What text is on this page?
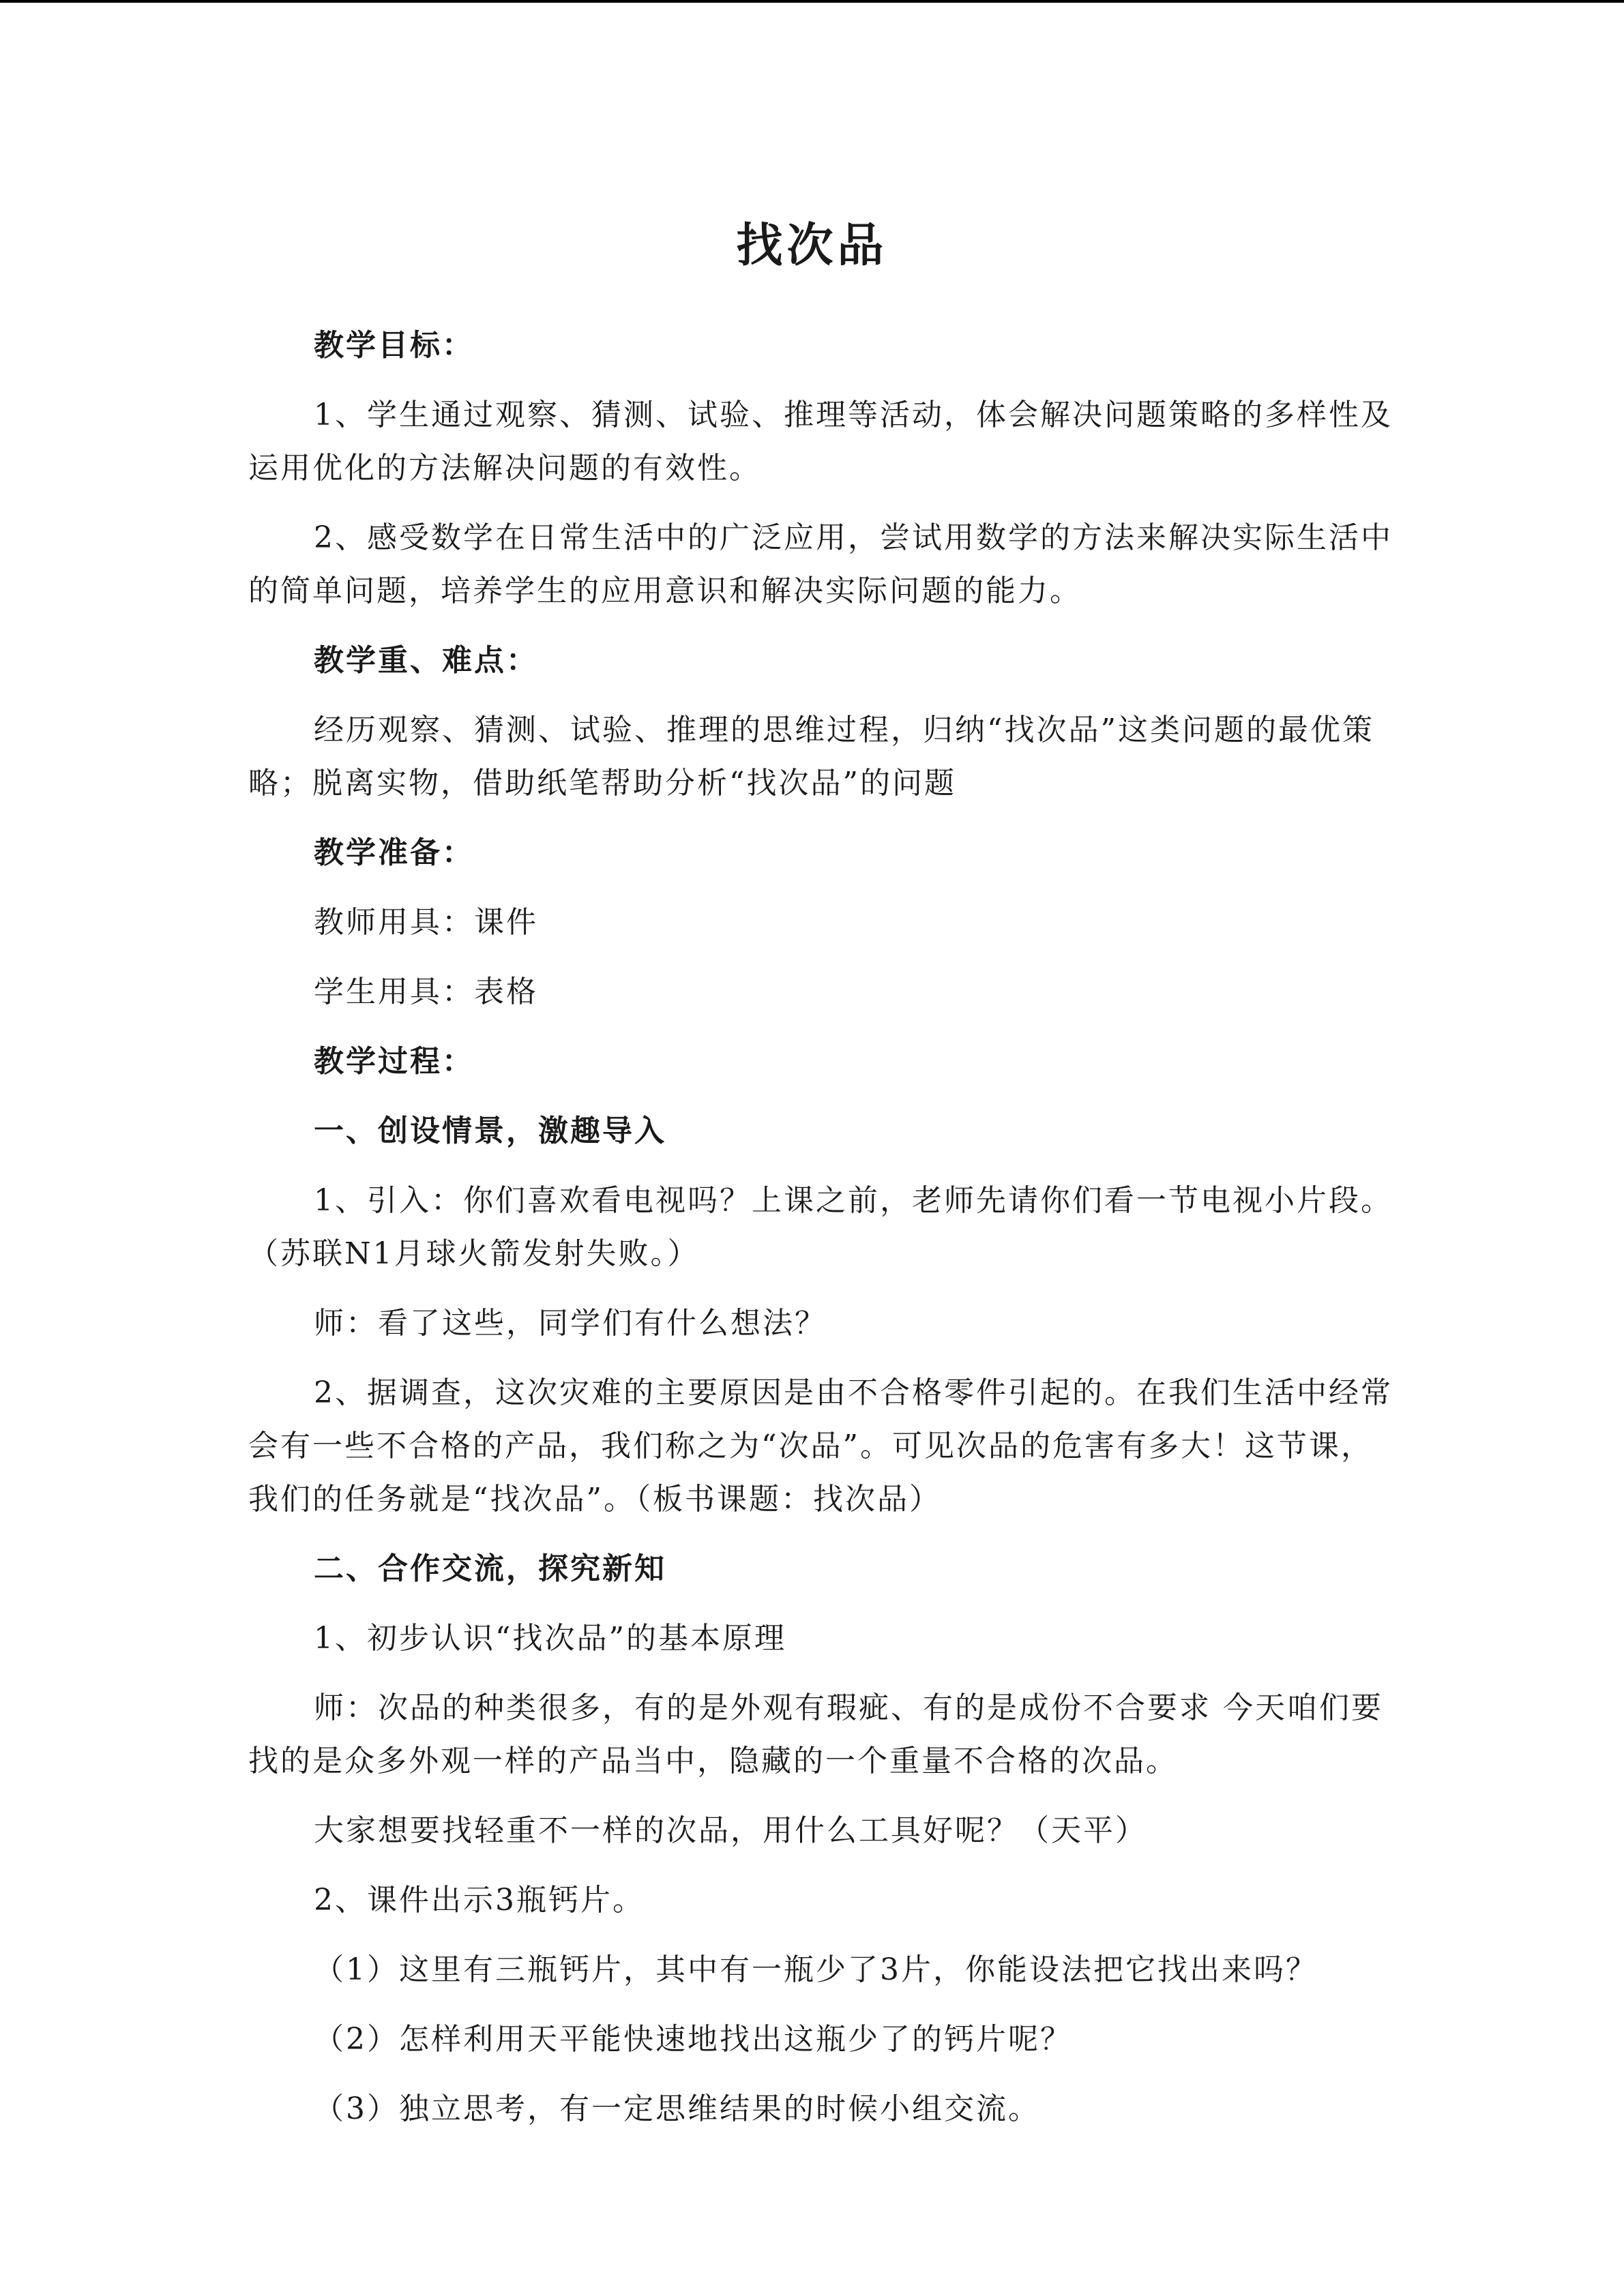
找次品

教学目标：

1、学生通过观察、猜测、试验、推理等活动，体会解决问题策略的多样性及运用优化的方法解决问题的有效性。

2、感受数学在日常生活中的广泛应用，尝试用数学的方法来解决实际生活中的简单问题，培养学生的应用意识和解决实际问题的能力。

教学重、难点：

经历观察、猜测、试验、推理的思维过程，归纳“找次品”这类问题的最优策略；脱离实物，借助纸笔帮助分析“找次品”的问题

教学准备：

教师用具：课件

学生用具：表格

教学过程：

一、创设情景，激趣导入

1、引入：你们喜欢看电视吗？上课之前，老师先请你们看一节电视小片段。（苏联N1月球火箭发射失败。）

师：看了这些，同学们有什么想法？

2、据调查，这次灾难的主要原因是由不合格零件引起的。在我们生活中经常会有一些不合格的产品，我们称之为“次品”。可见次品的危害有多大！这节课，我们的任务就是“找次品”。（板书课题：找次品）

二、合作交流，探究新知

1、初步认识“找次品”的基本原理

师：次品的种类很多，有的是外观有瑕疵、有的是成份不合要求 今天咱们要找的是众多外观一样的产品当中，隐藏的一个重量不合格的次品。

大家想要找轻重不一样的次品，用什么工具好呢？（天平）

2、课件出示3瓶钙片。

（1）这里有三瓶钙片，其中有一瓶少了3片，你能设法把它找出来吗？

（2）怎样利用天平能快速地找出这瓶少了的钙片呢？

（3）独立思考，有一定思维结果的时候小组交流。
